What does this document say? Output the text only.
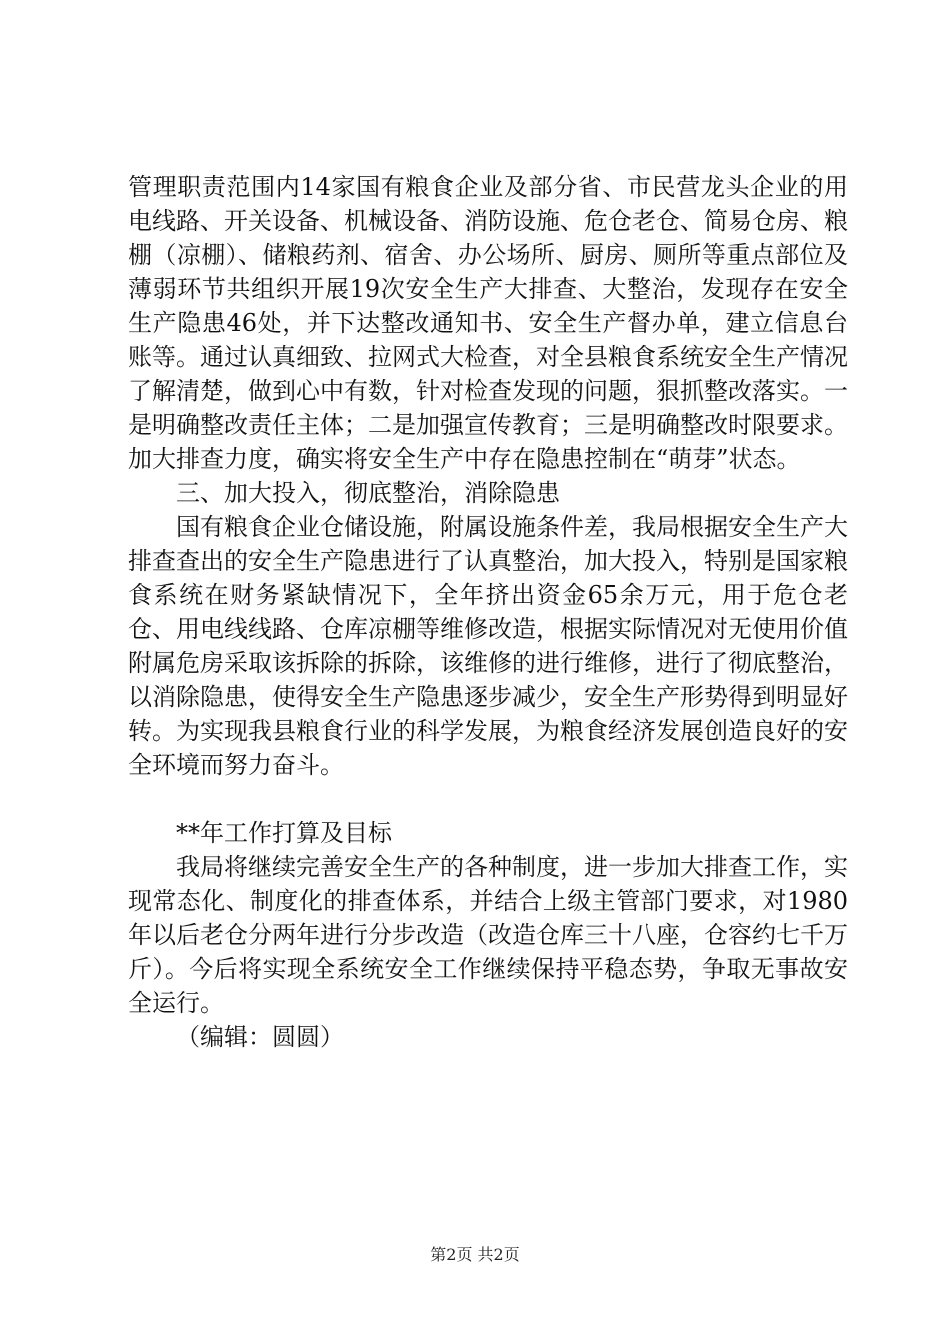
管理职责范围内14家国有粮食企业及部分省、市民营龙头企业的用电线路、开关设备、机械设备、消防设施、危仓老仓、简易仓房、粮棚（凉棚）、储粮药剂、宿舍、办公场所、厨房、厕所等重点部位及薄弱环节共组织开展19次安全生产大排查、大整治，发现存在安全生产隐患46处，并下达整改通知书、安全生产督办单，建立信息台账等。通过认真细致、拉网式大检查，对全县粮食系统安全生产情况了解清楚，做到心中有数，针对检查发现的问题，狠抓整改落实。一是明确整改责任主体；二是加强宣传教育；三是明确整改时限要求。加大排查力度，确实将安全生产中存在隐患控制在“萌芽”状态。

三、加大投入，彻底整治，消除隐患

国有粮食企业仓储设施，附属设施条件差，我局根据安全生产大排查查出的安全生产隐患进行了认真整治，加大投入，特别是国家粮食系统在财务紧缺情况下，全年挤出资金65余万元，用于危仓老仓、用电线线路、仓库凉棚等维修改造，根据实际情况对无使用价值附属危房采取该拆除的拆除，该维修的进行维修，进行了彻底整治，以消除隐患，使得安全生产隐患逐步减少，安全生产形势得到明显好转。为实现我县粮食行业的科学发展，为粮食经济发展创造良好的安全环境而努力奋斗。

**年工作打算及目标

我局将继续完善安全生产的各种制度，进一步加大排查工作，实现常态化、制度化的排查体系，并结合上级主管部门要求，对1980年以后老仓分两年进行分步改造（改造仓库三十八座，仓容约七千万斤）。今后将实现全系统安全工作继续保持平稳态势，争取无事故安全运行。

（编辑：圆圆）

第2页 共2页
